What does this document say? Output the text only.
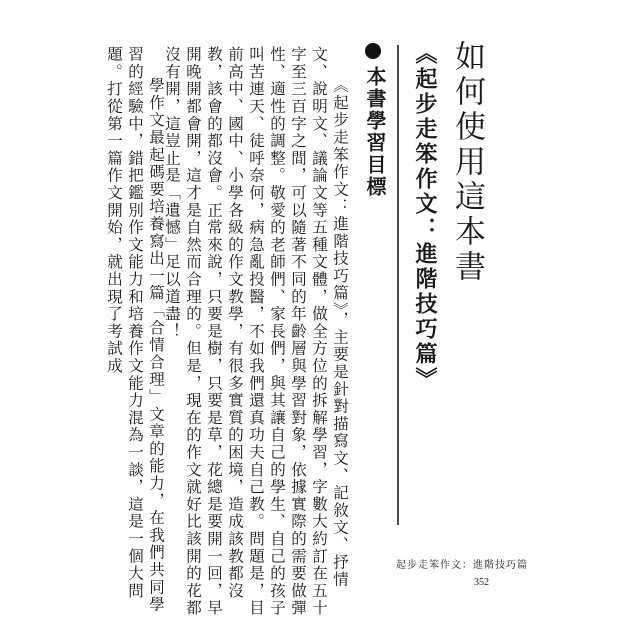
如何使用這本書
《起步走笨作文：進階技巧篇》
本書學習目標

《起步走笨作文：進階技巧篇》，主要是針對描寫文、記敘文、抒情文、說明文、議論文等五種文體，做全方位的拆解學習，字數大約訂在五十字至三百字之間，可以隨著不同的年齡層與學習對象，依據實際的需要做彈性、適性的調整。敬愛的老師們、家長們，與其讓自己的學生、自己的孩子叫苦連天、徒呼奈何，病急亂投醫，不如我們還真功夫自己教。問題是，目前高中、國中、小學各級的作文教學，有很多實質的困境，造成該教都沒教，該會的都沒會。正常來說，只要是樹，只要是草，花總是要開一回，早開晚開都會開，這才是自然而合理的。但是，現在的作文就好比該開的花都沒有開，這豈止是「遺憾」足以道盡！

學作文最起碼要培養寫出一篇「合情合理」文章的能力，在我們共同學習的經驗中，錯把鑑別作文能力和培養作文能力混為一談，這是一個大問題。打從第一篇作文開始，就出現了考試成

起步走笨作文：進階技巧篇

352
